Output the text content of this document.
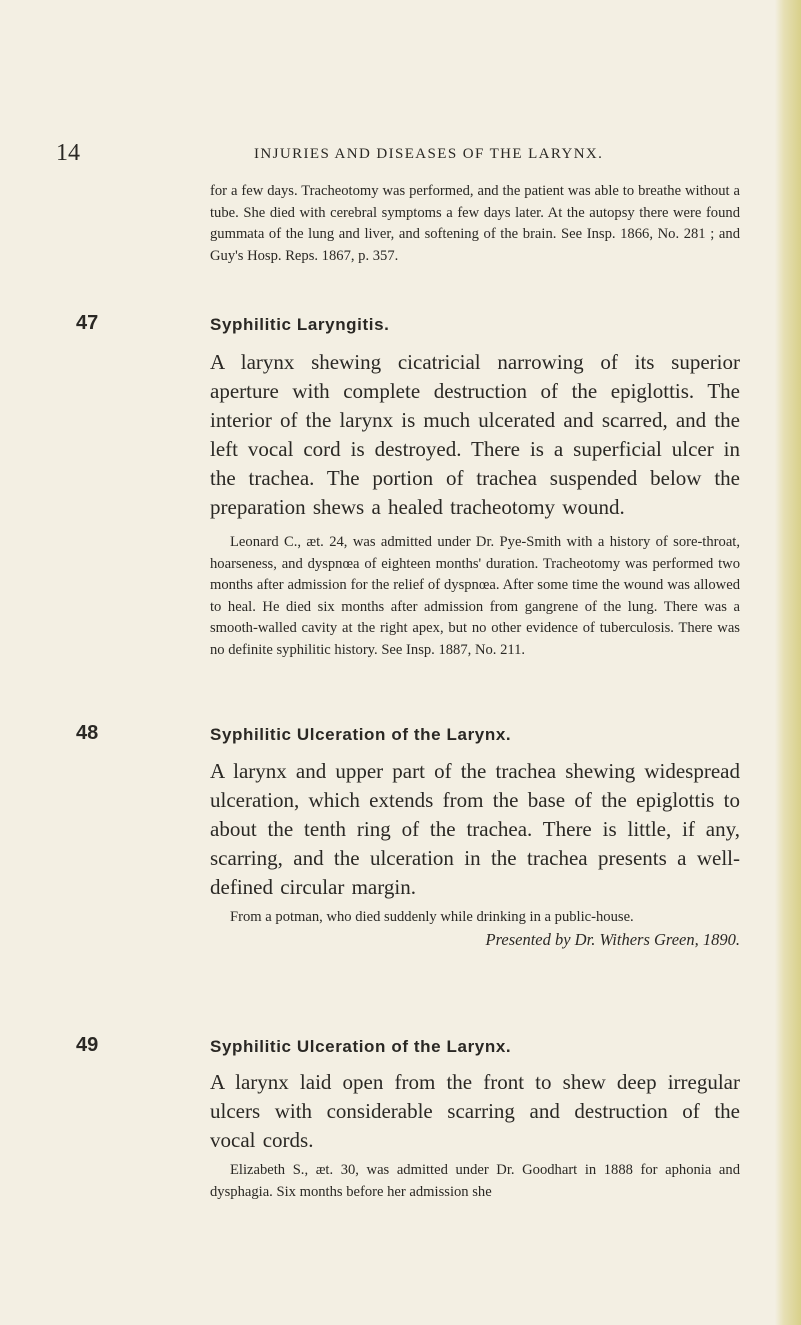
14	INJURIES AND DISEASES OF THE LARYNX.

for a few days. Tracheotomy was performed, and the patient was able to breathe without a tube. She died with cerebral symptoms a few days later. At the autopsy there were found gummata of the lung and liver, and softening of the brain. See Insp. 1866, No. 281 ; and Guy's Hosp. Reps. 1867, p. 357.

47	Syphilitic Laryngitis.

A larynx shewing cicatricial narrowing of its superior aperture with complete destruction of the epiglottis. The interior of the larynx is much ulcerated and scarred, and the left vocal cord is destroyed. There is a superficial ulcer in the trachea. The portion of trachea suspended below the preparation shews a healed tracheotomy wound.

Leonard C., æt. 24, was admitted under Dr. Pye-Smith with a history of sore-throat, hoarseness, and dyspnœa of eighteen months' duration. Tracheotomy was performed two months after admission for the relief of dyspnœa. After some time the wound was allowed to heal. He died six months after admission from gangrene of the lung. There was a smooth-walled cavity at the right apex, but no other evidence of tuberculosis. There was no definite syphilitic history. See Insp. 1887, No. 211.

48	Syphilitic Ulceration of the Larynx.

A larynx and upper part of the trachea shewing widespread ulceration, which extends from the base of the epiglottis to about the tenth ring of the trachea. There is little, if any, scarring, and the ulceration in the trachea presents a well-defined circular margin.

From a potman, who died suddenly while drinking in a public-house.

Presented by Dr. Withers Green, 1890.

49	Syphilitic Ulceration of the Larynx.

A larynx laid open from the front to shew deep irregular ulcers with considerable scarring and destruction of the vocal cords.

Elizabeth S., æt. 30, was admitted under Dr. Goodhart in 1888 for aphonia and dysphagia. Six months before her admission she
